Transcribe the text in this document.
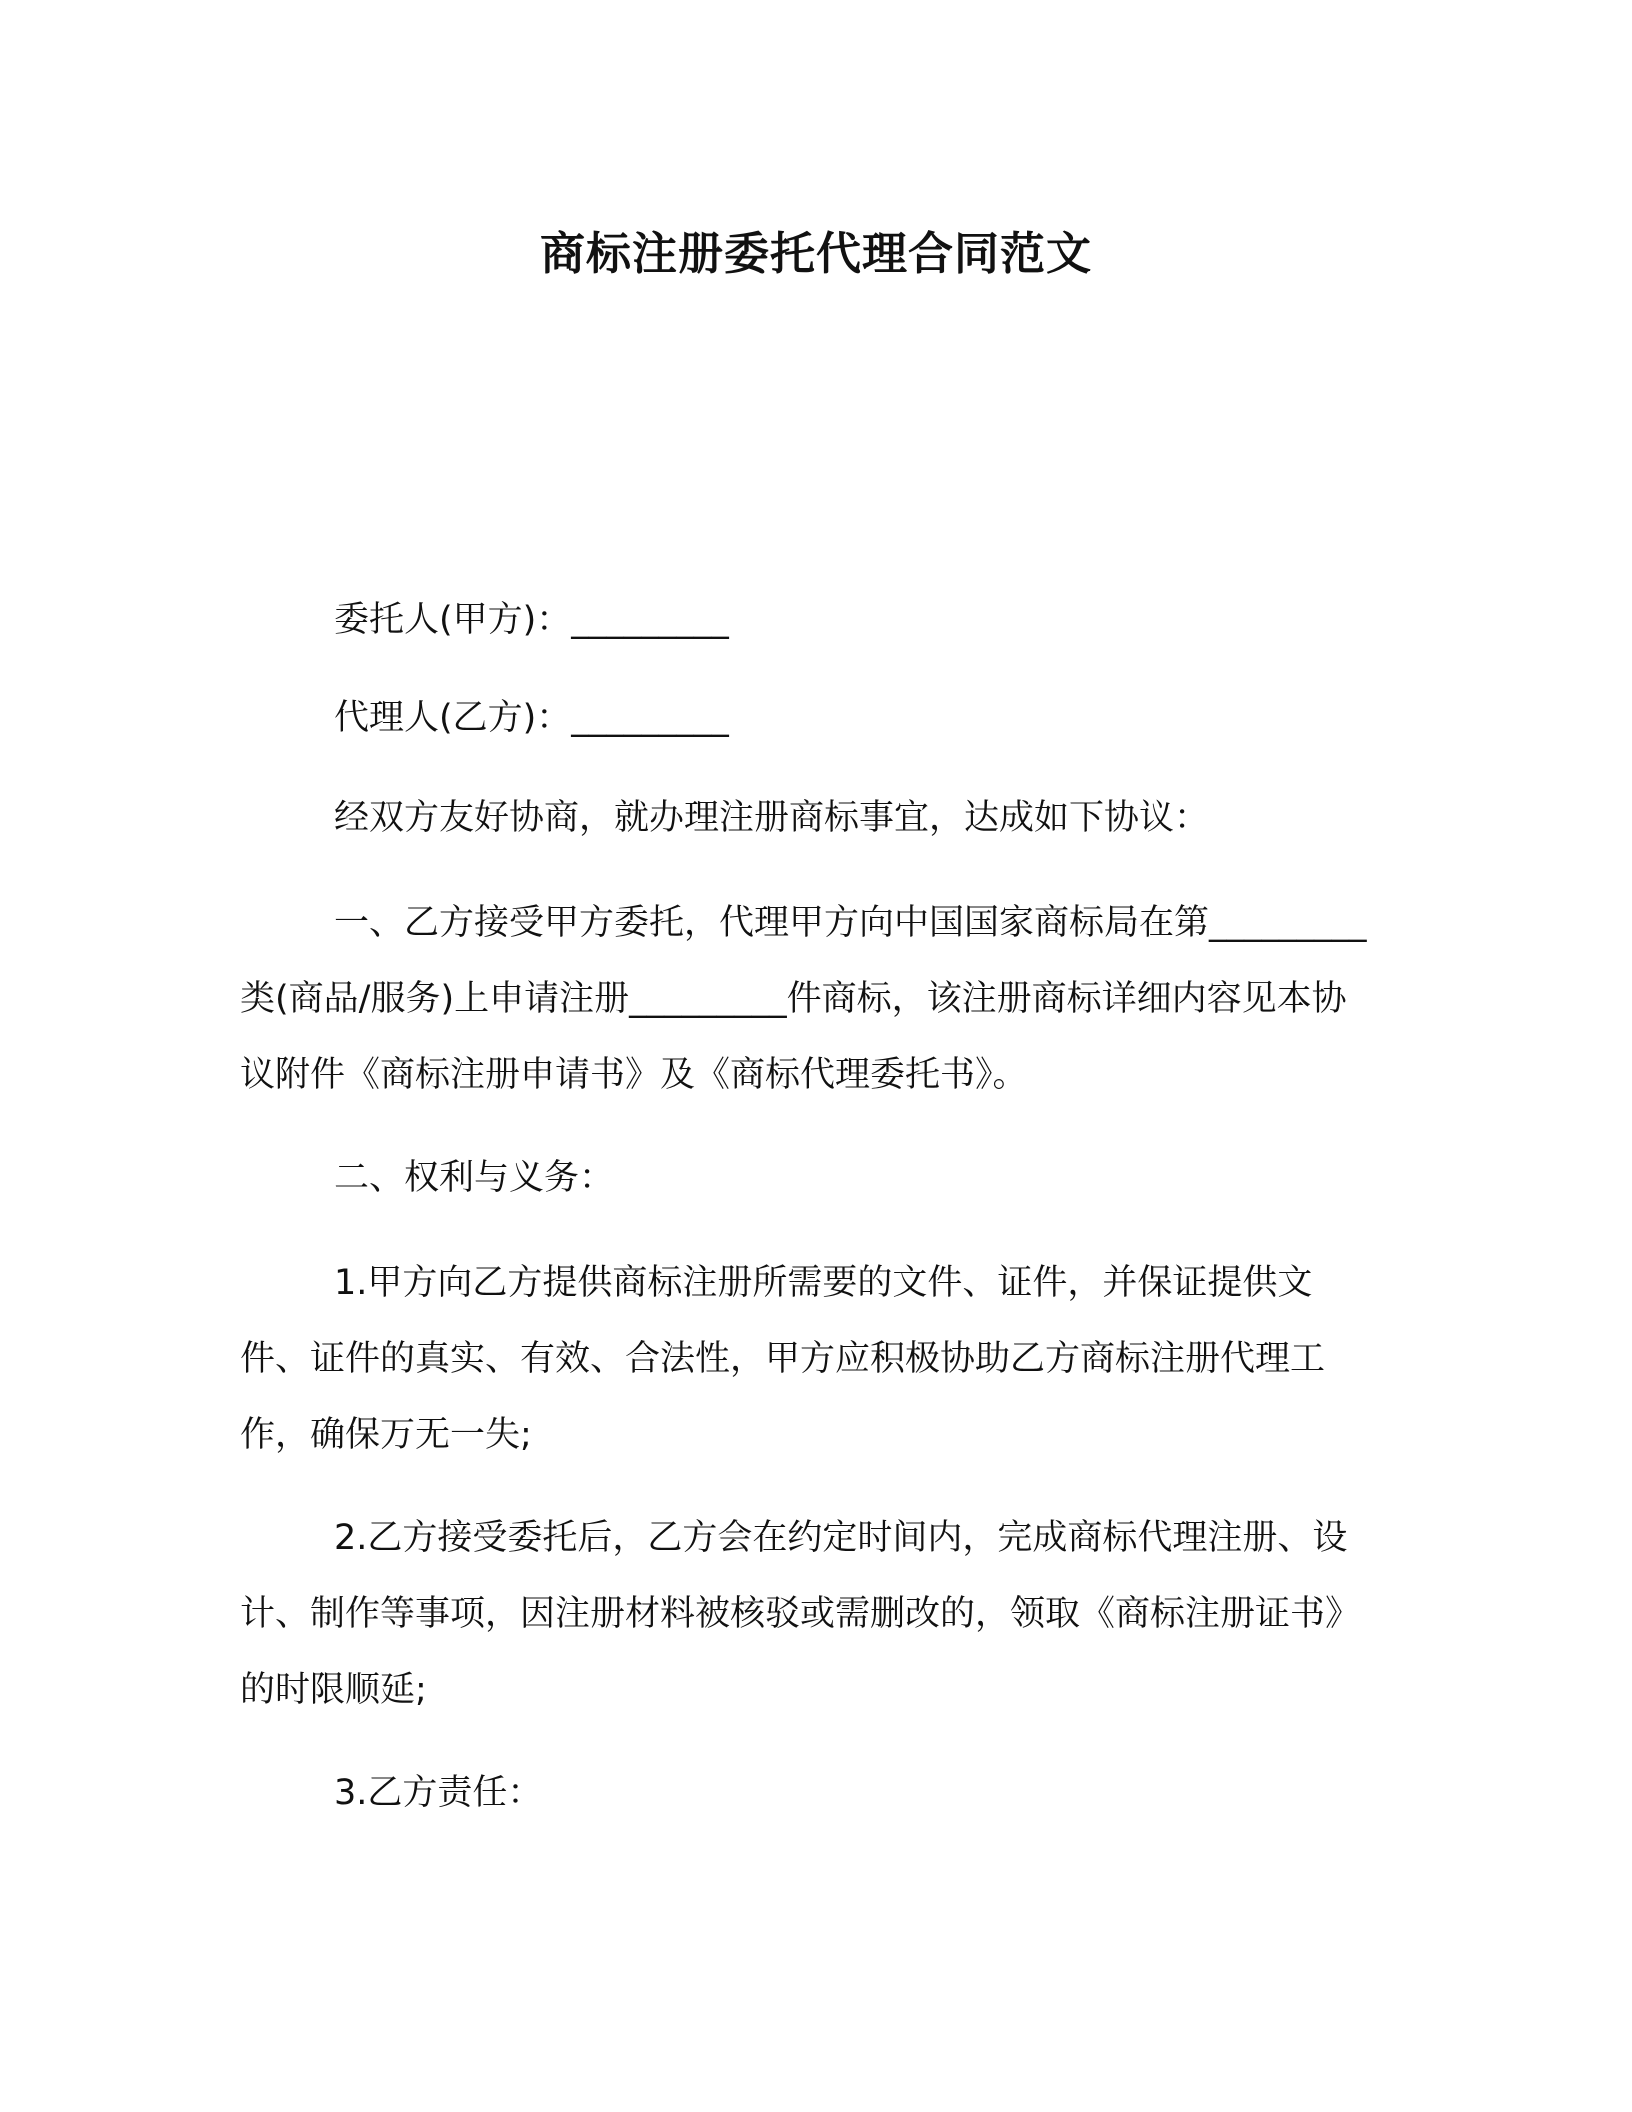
商标注册委托代理合同范文

委托人(甲方)：_________

代理人(乙方)：_________

经双方友好协商，就办理注册商标事宜，达成如下协议：

一、乙方接受甲方委托，代理甲方向中国国家商标局在第_________类(商品/服务)上申请注册_________件商标，该注册商标详细内容见本协议附件《商标注册申请书》及《商标代理委托书》。

二、权利与义务：

1.甲方向乙方提供商标注册所需要的文件、证件，并保证提供文件、证件的真实、有效、合法性，甲方应积极协助乙方商标注册代理工作，确保万无一失;

2.乙方接受委托后，乙方会在约定时间内，完成商标代理注册、设计、制作等事项，因注册材料被核驳或需删改的，领取《商标注册证书》的时限顺延;

3.乙方责任：
